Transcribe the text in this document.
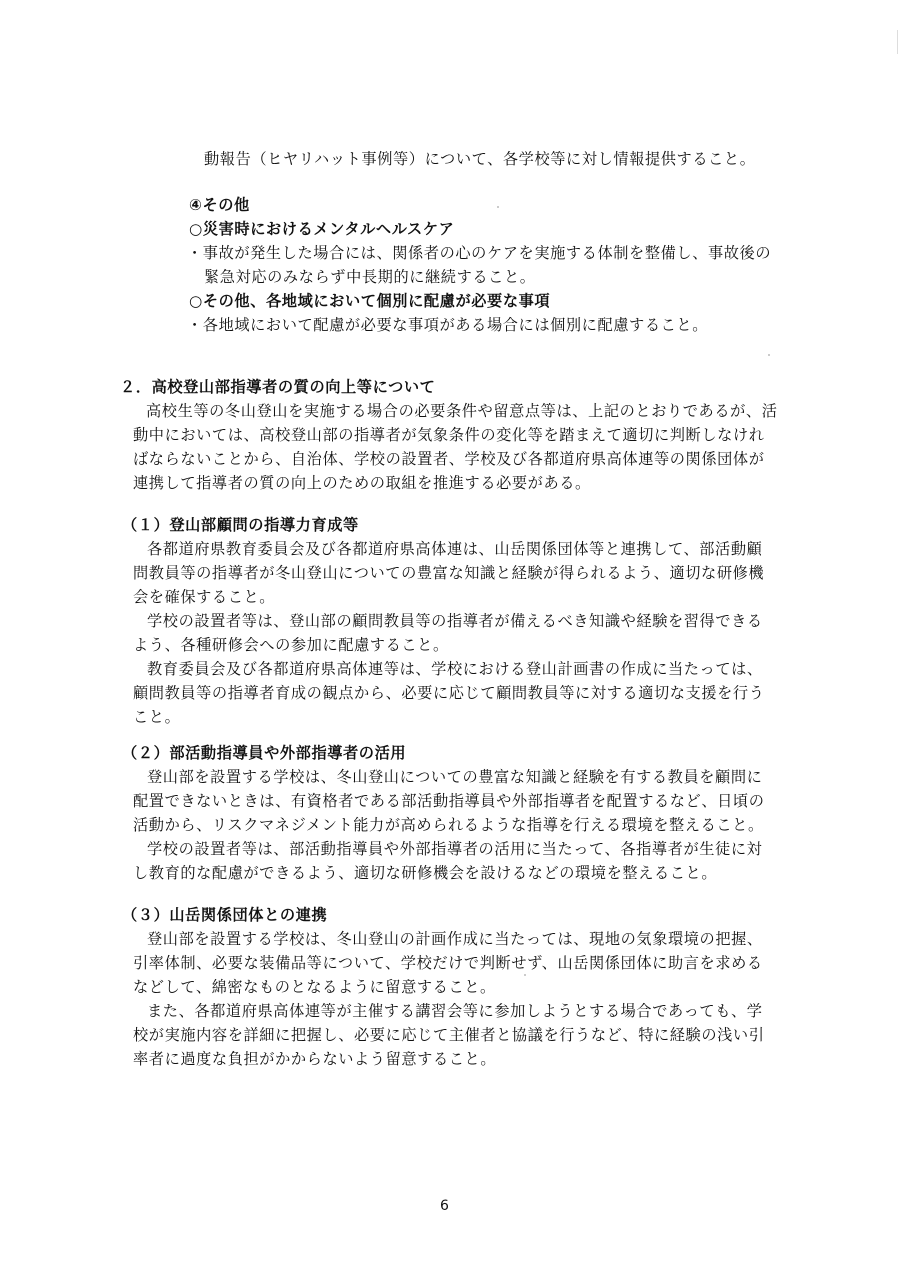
動報告（ヒヤリハット事例等）について、各学校等に対し情報提供すること。
④その他
○災害時におけるメンタルヘルスケア
・事故が発生した場合には、関係者の心のケアを実施する体制を整備し、事故後の
緊急対応のみならず中長期的に継続すること。
○その他、各地域において個別に配慮が必要な事項
・各地域において配慮が必要な事項がある場合には個別に配慮すること。
２．高校登山部指導者の質の向上等について
高校生等の冬山登山を実施する場合の必要条件や留意点等は、上記のとおりであるが、活
動中においては、高校登山部の指導者が気象条件の変化等を踏まえて適切に判断しなけれ
ばならないことから、自治体、学校の設置者、学校及び各都道府県高体連等の関係団体が
連携して指導者の質の向上のための取組を推進する必要がある。
（１）登山部顧問の指導力育成等
各都道府県教育委員会及び各都道府県高体連は、山岳関係団体等と連携して、部活動顧
問教員等の指導者が冬山登山についての豊富な知識と経験が得られるよう、適切な研修機
会を確保すること。
学校の設置者等は、登山部の顧問教員等の指導者が備えるべき知識や経験を習得できる
よう、各種研修会への参加に配慮すること。
教育委員会及び各都道府県高体連等は、学校における登山計画書の作成に当たっては、
顧問教員等の指導者育成の観点から、必要に応じて顧問教員等に対する適切な支援を行う
こと。
（２）部活動指導員や外部指導者の活用
登山部を設置する学校は、冬山登山についての豊富な知識と経験を有する教員を顧問に
配置できないときは、有資格者である部活動指導員や外部指導者を配置するなど、日頃の
活動から、リスクマネジメント能力が高められるような指導を行える環境を整えること。
学校の設置者等は、部活動指導員や外部指導者の活用に当たって、各指導者が生徒に対
し教育的な配慮ができるよう、適切な研修機会を設けるなどの環境を整えること。
（３）山岳関係団体との連携
登山部を設置する学校は、冬山登山の計画作成に当たっては、現地の気象環境の把握、
引率体制、必要な装備品等について、学校だけで判断せず、山岳関係団体に助言を求める
などして、綿密なものとなるように留意すること。
また、各都道府県高体連等が主催する講習会等に参加しようとする場合であっても、学
校が実施内容を詳細に把握し、必要に応じて主催者と協議を行うなど、特に経験の浅い引
率者に過度な負担がかからないよう留意すること。
6
